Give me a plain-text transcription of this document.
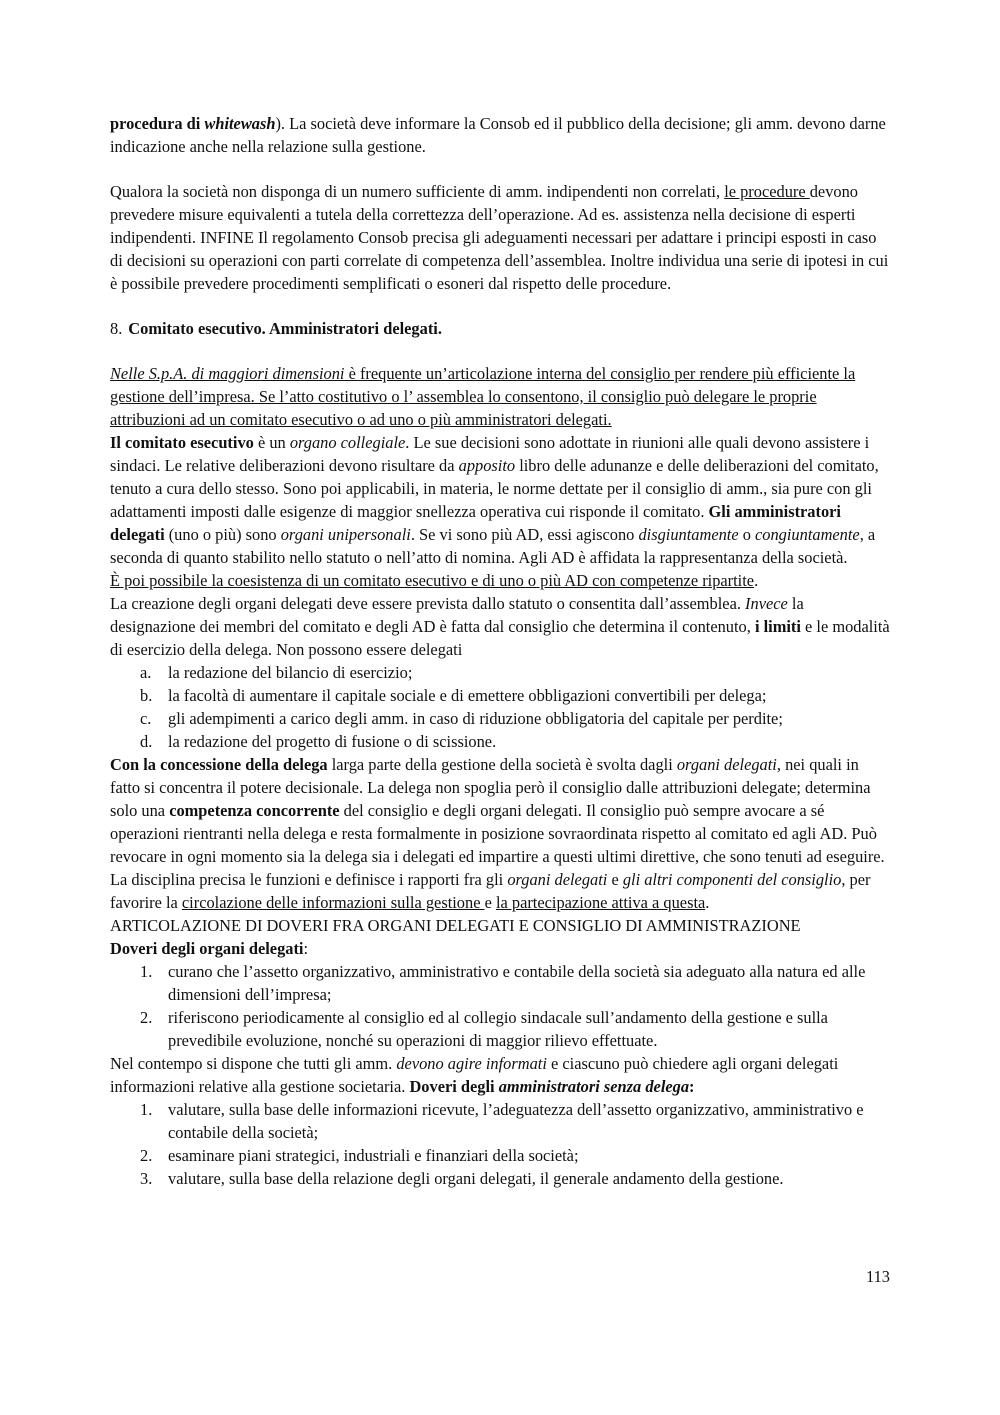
procedura di whitewash). La società deve informare la Consob ed il pubblico della decisione; gli amm. devono darne indicazione anche nella relazione sulla gestione.

Qualora la società non disponga di un numero sufficiente di amm. indipendenti non correlati, le procedure devono prevedere misure equivalenti a tutela della correttezza dell’operazione. Ad es. assistenza nella decisione di esperti indipendenti. INFINE Il regolamento Consob precisa gli adeguamenti necessari per adattare i principi esposti in caso di decisioni su operazioni con parti correlate di competenza dell’assemblea. Inoltre individua una serie di ipotesi in cui è possibile prevedere procedimenti semplificati o esoneri dal rispetto delle procedure.

8. Comitato esecutivo. Amministratori delegati.

Nelle S.p.A. di maggiori dimensioni è frequente un’articolazione interna del consiglio per rendere più efficiente la gestione dell’impresa. Se l’atto costitutivo o l’ assemblea lo consentono, il consiglio può delegare le proprie attribuzioni ad un comitato esecutivo o ad uno o più amministratori delegati.

Il comitato esecutivo è un organo collegiale. Le sue decisioni sono adottate in riunioni alle quali devono assistere i sindaci. Le relative deliberazioni devono risultare da apposito libro delle adunanze e delle deliberazioni del comitato, tenuto a cura dello stesso. Sono poi applicabili, in materia, le norme dettate per il consiglio di amm., sia pure con gli adattamenti imposti dalle esigenze di maggior snellezza operativa cui risponde il comitato. Gli amministratori delegati (uno o più) sono organi unipersonali. Se vi sono più AD, essi agiscono disgiuntamente o congiuntamente, a seconda di quanto stabilito nello statuto o nell’atto di nomina. Agli AD è affidata la rappresentanza della società.

È poi possibile la coesistenza di un comitato esecutivo e di uno o più AD con competenze ripartite.

La creazione degli organi delegati deve essere prevista dallo statuto o consentita dall’assemblea. Invece la designazione dei membri del comitato e degli AD è fatta dal consiglio che determina il contenuto, i limiti e le modalità di esercizio della delega. Non possono essere delegati

a. la redazione del bilancio di esercizio;
b. la facoltà di aumentare il capitale sociale e di emettere obbligazioni convertibili per delega;
c. gli adempimenti a carico degli amm. in caso di riduzione obbligatoria del capitale per perdite;
d. la redazione del progetto di fusione o di scissione.

Con la concessione della delega larga parte della gestione della società è svolta dagli organi delegati, nei quali in fatto si concentra il potere decisionale. La delega non spoglia però il consiglio dalle attribuzioni delegate; determina solo una competenza concorrente del consiglio e degli organi delegati. Il consiglio può sempre avocare a sé operazioni rientranti nella delega e resta formalmente in posizione sovraordinata rispetto al comitato ed agli AD. Può revocare in ogni momento sia la delega sia i delegati ed impartire a questi ultimi direttive, che sono tenuti ad eseguire.

La disciplina precisa le funzioni e definisce i rapporti fra gli organi delegati e gli altri componenti del consiglio, per favorire la circolazione delle informazioni sulla gestione e la partecipazione attiva a questa.

ARTICOLAZIONE DI DOVERI FRA ORGANI DELEGATI E CONSIGLIO DI AMMINISTRAZIONE

Doveri degli organi delegati:

1. curano che l’assetto organizzativo, amministrativo e contabile della società sia adeguato alla natura ed alle dimensioni dell’impresa;
2. riferiscono periodicamente al consiglio ed al collegio sindacale sull’andamento della gestione e sulla prevedibile evoluzione, nonché su operazioni di maggior rilievo effettuate.

Nel contempo si dispone che tutti gli amm. devono agire informati e ciascuno può chiedere agli organi delegati informazioni relative alla gestione societaria. Doveri degli amministratori senza delega:

1. valutare, sulla base delle informazioni ricevute, l’adeguatezza dell’assetto organizzativo, amministrativo e contabile della società;
2. esaminare piani strategici, industriali e finanziari della società;
3. valutare, sulla base della relazione degli organi delegati, il generale andamento della gestione.
113
